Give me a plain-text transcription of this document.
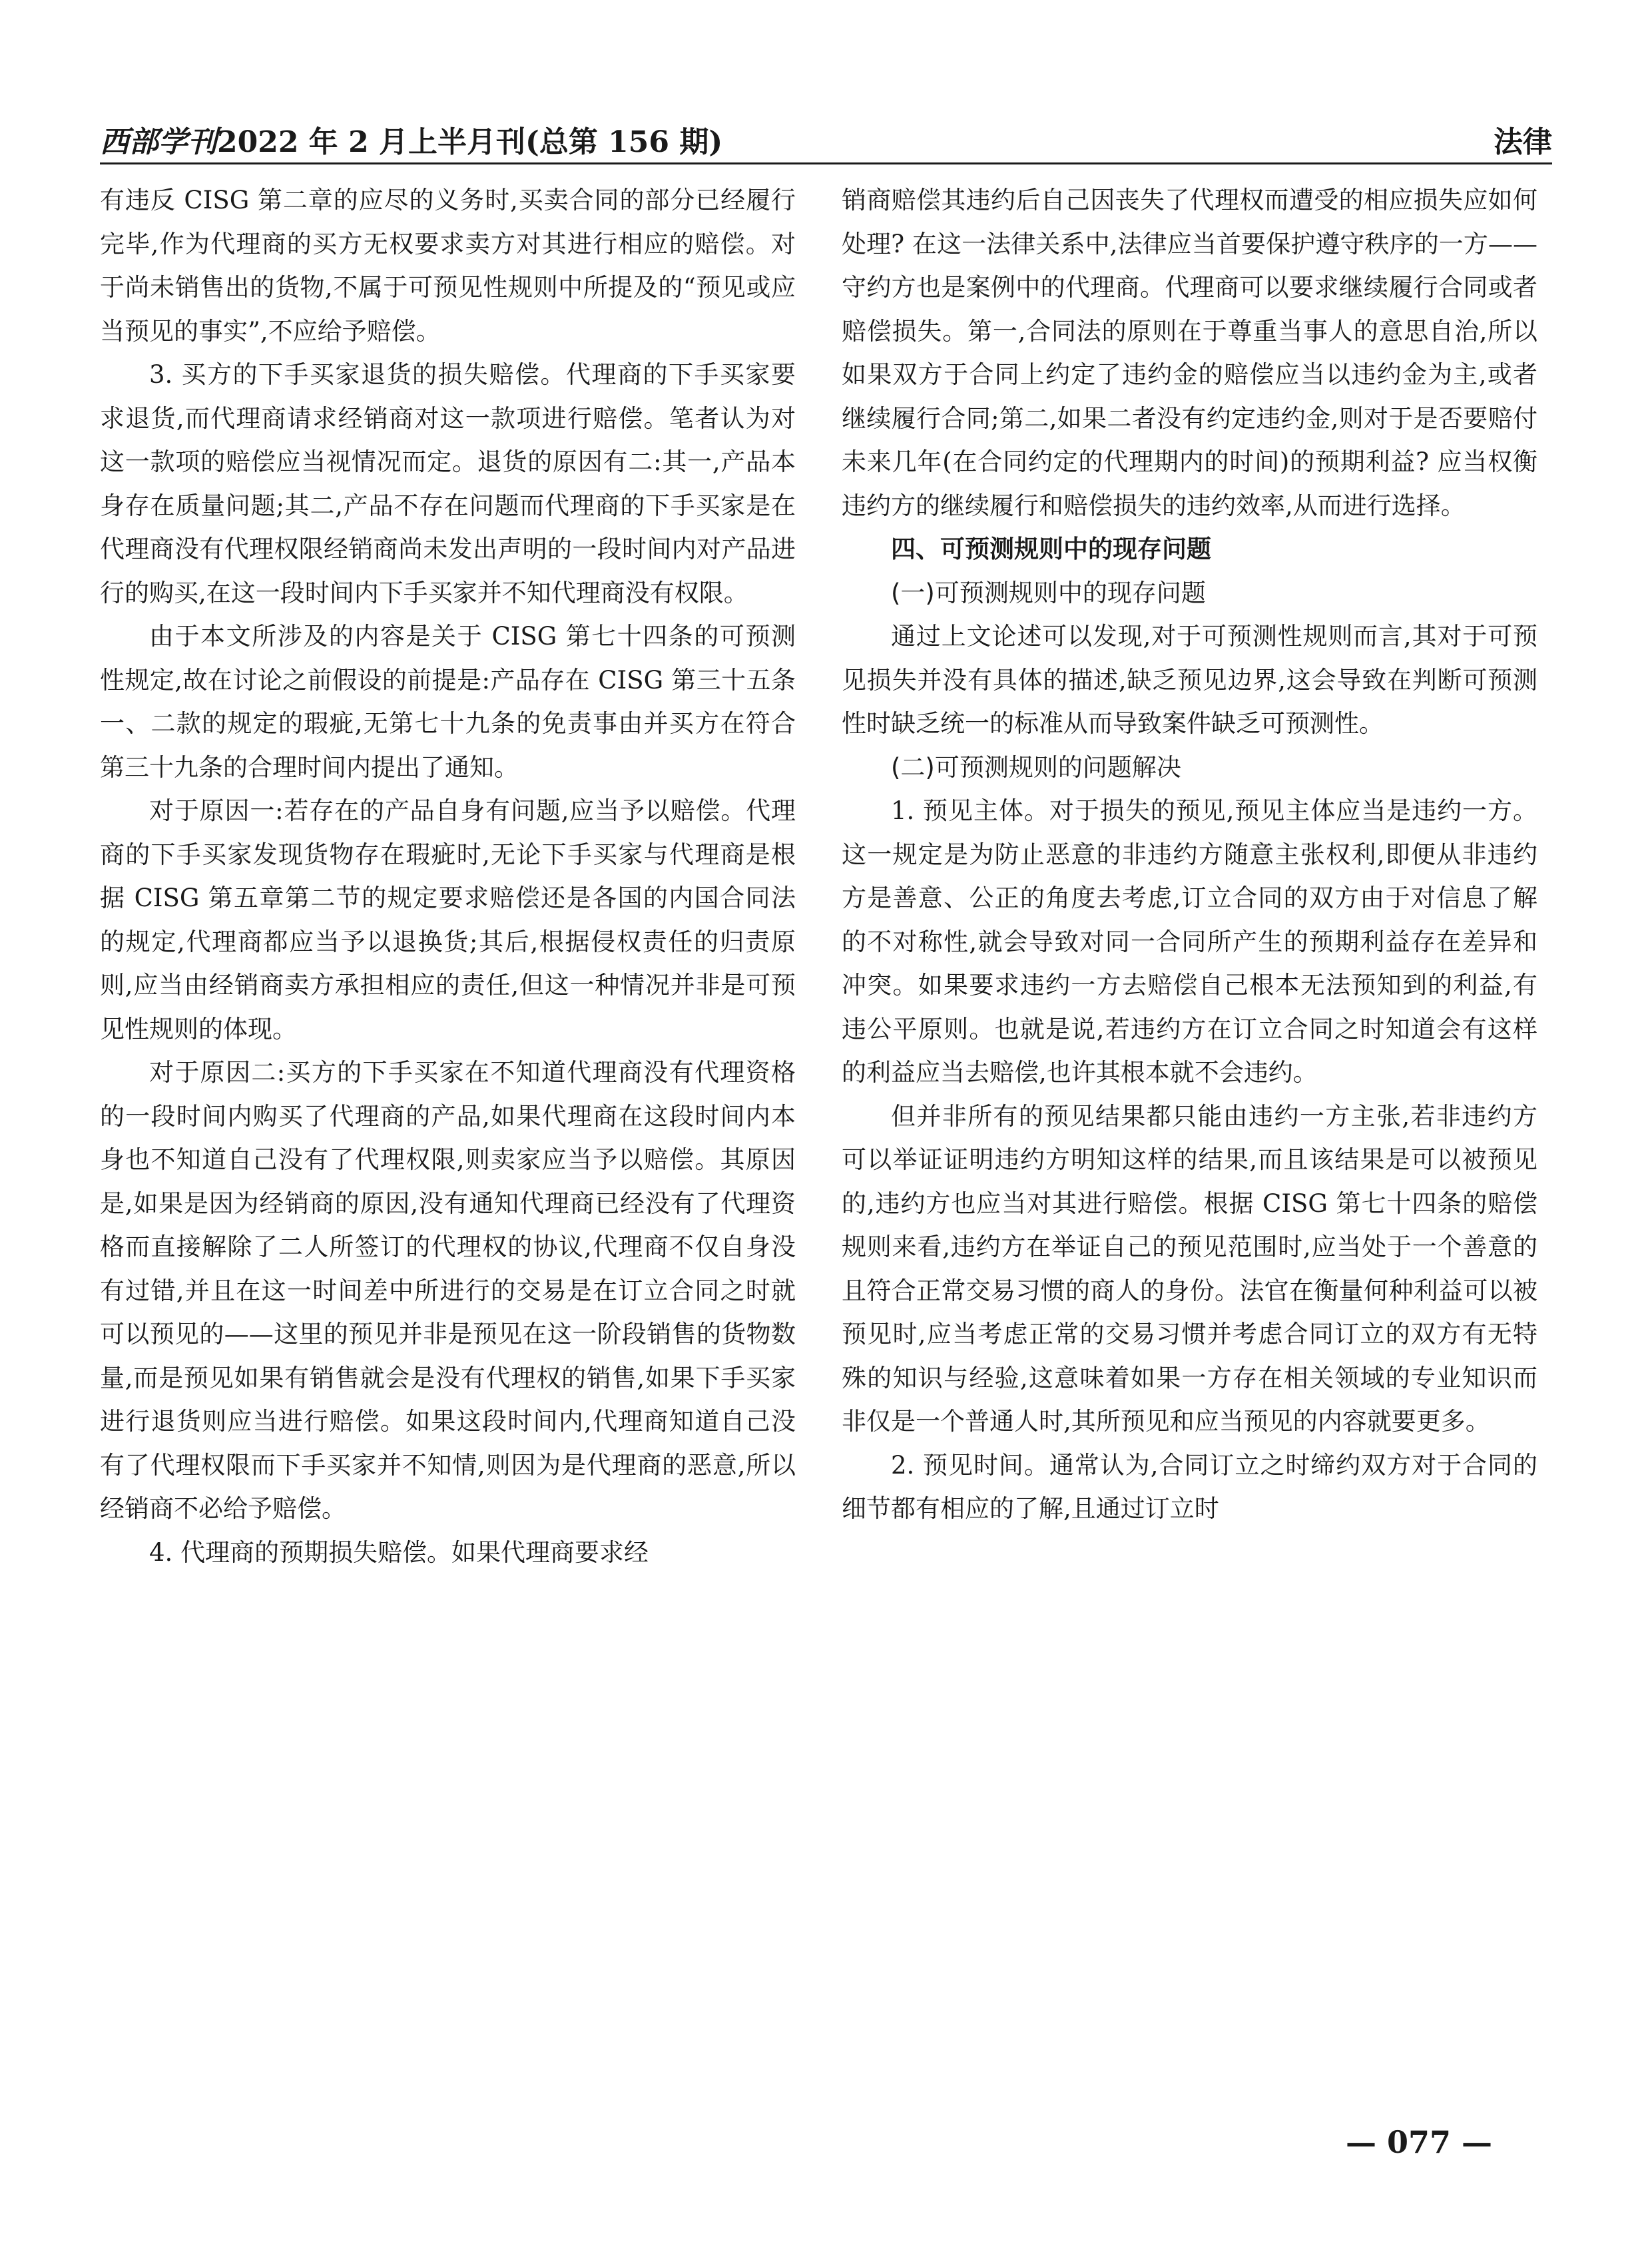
西部学刊2022 年 2 月上半月刊(总第 156 期)	法律

有违反 CISG 第二章的应尽的义务时,买卖合同的部分已经履行完毕,作为代理商的买方无权要求卖方对其进行相应的赔偿。对于尚未销售出的货物,不属于可预见性规则中所提及的“预见或应当预见的事实”,不应给予赔偿。

3. 买方的下手买家退货的损失赔偿。代理商的下手买家要求退货,而代理商请求经销商对这一款项进行赔偿。笔者认为对这一款项的赔偿应当视情况而定。退货的原因有二:其一,产品本身存在质量问题;其二,产品不存在问题而代理商的下手买家是在代理商没有代理权限经销商尚未发出声明的一段时间内对产品进行的购买,在这一段时间内下手买家并不知代理商没有权限。

由于本文所涉及的内容是关于 CISG 第七十四条的可预测性规定,故在讨论之前假设的前提是:产品存在 CISG 第三十五条一、二款的规定的瑕疵,无第七十九条的免责事由并买方在符合第三十九条的合理时间内提出了通知。

对于原因一:若存在的产品自身有问题,应当予以赔偿。代理商的下手买家发现货物存在瑕疵时,无论下手买家与代理商是根据 CISG 第五章第二节的规定要求赔偿还是各国的内国合同法的规定,代理商都应当予以退换货;其后,根据侵权责任的归责原则,应当由经销商卖方承担相应的责任,但这一种情况并非是可预见性规则的体现。

对于原因二:买方的下手买家在不知道代理商没有代理资格的一段时间内购买了代理商的产品,如果代理商在这段时间内本身也不知道自己没有了代理权限,则卖家应当予以赔偿。其原因是,如果是因为经销商的原因,没有通知代理商已经没有了代理资格而直接解除了二人所签订的代理权的协议,代理商不仅自身没有过错,并且在这一时间差中所进行的交易是在订立合同之时就可以预见的——这里的预见并非是预见在这一阶段销售的货物数量,而是预见如果有销售就会是没有代理权的销售,如果下手买家进行退货则应当进行赔偿。如果这段时间内,代理商知道自己没有了代理权限而下手买家并不知情,则因为是代理商的恶意,所以经销商不必给予赔偿。

4. 代理商的预期损失赔偿。如果代理商要求经

销商赔偿其违约后自己因丧失了代理权而遭受的相应损失应如何处理? 在这一法律关系中,法律应当首要保护遵守秩序的一方——守约方也是案例中的代理商。代理商可以要求继续履行合同或者赔偿损失。第一,合同法的原则在于尊重当事人的意思自治,所以如果双方于合同上约定了违约金的赔偿应当以违约金为主,或者继续履行合同;第二,如果二者没有约定违约金,则对于是否要赔付未来几年(在合同约定的代理期内的时间)的预期利益? 应当权衡违约方的继续履行和赔偿损失的违约效率,从而进行选择。

四、可预测规则中的现存问题
(一)可预测规则中的现存问题

通过上文论述可以发现,对于可预测性规则而言,其对于可预见损失并没有具体的描述,缺乏预见边界,这会导致在判断可预测性时缺乏统一的标准从而导致案件缺乏可预测性。

(二)可预测规则的问题解决

1. 预见主体。对于损失的预见,预见主体应当是违约一方。这一规定是为防止恶意的非违约方随意主张权利,即便从非违约方是善意、公正的角度去考虑,订立合同的双方由于对信息了解的不对称性,就会导致对同一合同所产生的预期利益存在差异和冲突。如果要求违约一方去赔偿自己根本无法预知到的利益,有违公平原则。也就是说,若违约方在订立合同之时知道会有这样的利益应当去赔偿,也许其根本就不会违约。

但并非所有的预见结果都只能由违约一方主张,若非违约方可以举证证明违约方明知这样的结果,而且该结果是可以被预见的,违约方也应当对其进行赔偿。根据 CISG 第七十四条的赔偿规则来看,违约方在举证自己的预见范围时,应当处于一个善意的且符合正常交易习惯的商人的身份。法官在衡量何种利益可以被预见时,应当考虑正常的交易习惯并考虑合同订立的双方有无特殊的知识与经验,这意味着如果一方存在相关领域的专业知识而非仅是一个普通人时,其所预见和应当预见的内容就要更多。

2. 预见时间。通常认为,合同订立之时缔约双方对于合同的细节都有相应的了解,且通过订立时

— 077 —
